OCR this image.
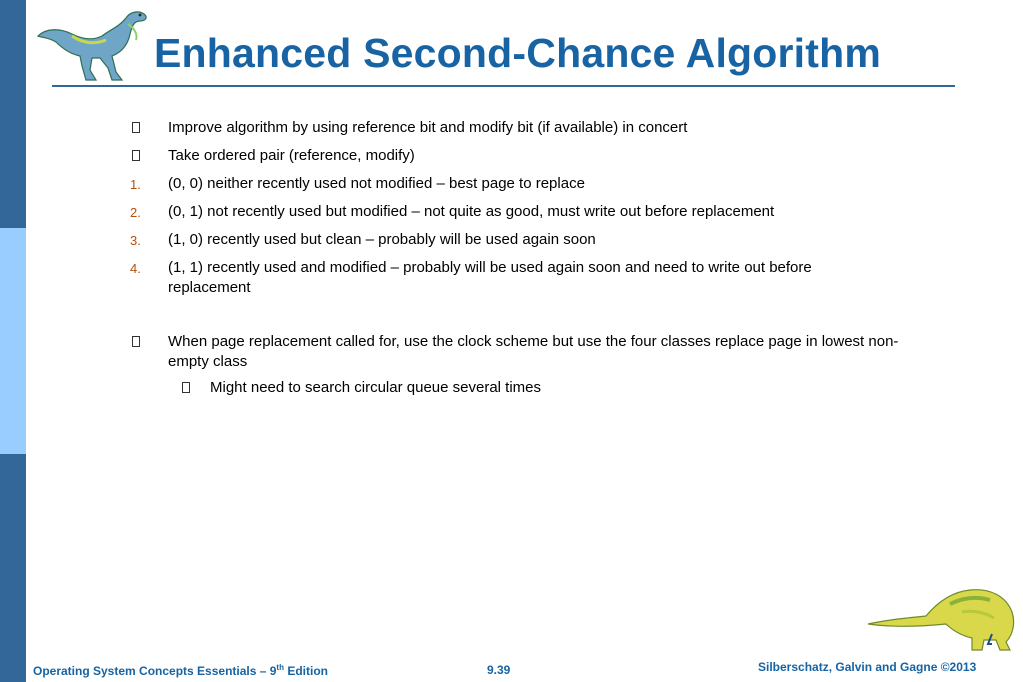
Enhanced Second-Chance Algorithm
Improve algorithm by using reference bit and modify bit (if available) in concert
Take ordered pair (reference, modify)
1. (0, 0) neither recently used not modified – best page to replace
2. (0, 1) not recently used but modified – not quite as good, must write out before replacement
3. (1, 0) recently used but clean – probably will be used again soon
4. (1, 1) recently used and modified – probably will be used again soon and need to write out before replacement
When page replacement called for, use the clock scheme but use the four classes replace page in lowest non-empty class
Might need to search circular queue several times
Operating System Concepts Essentials – 9th Edition	9.39	Silberschatz, Galvin and Gagne ©2013
